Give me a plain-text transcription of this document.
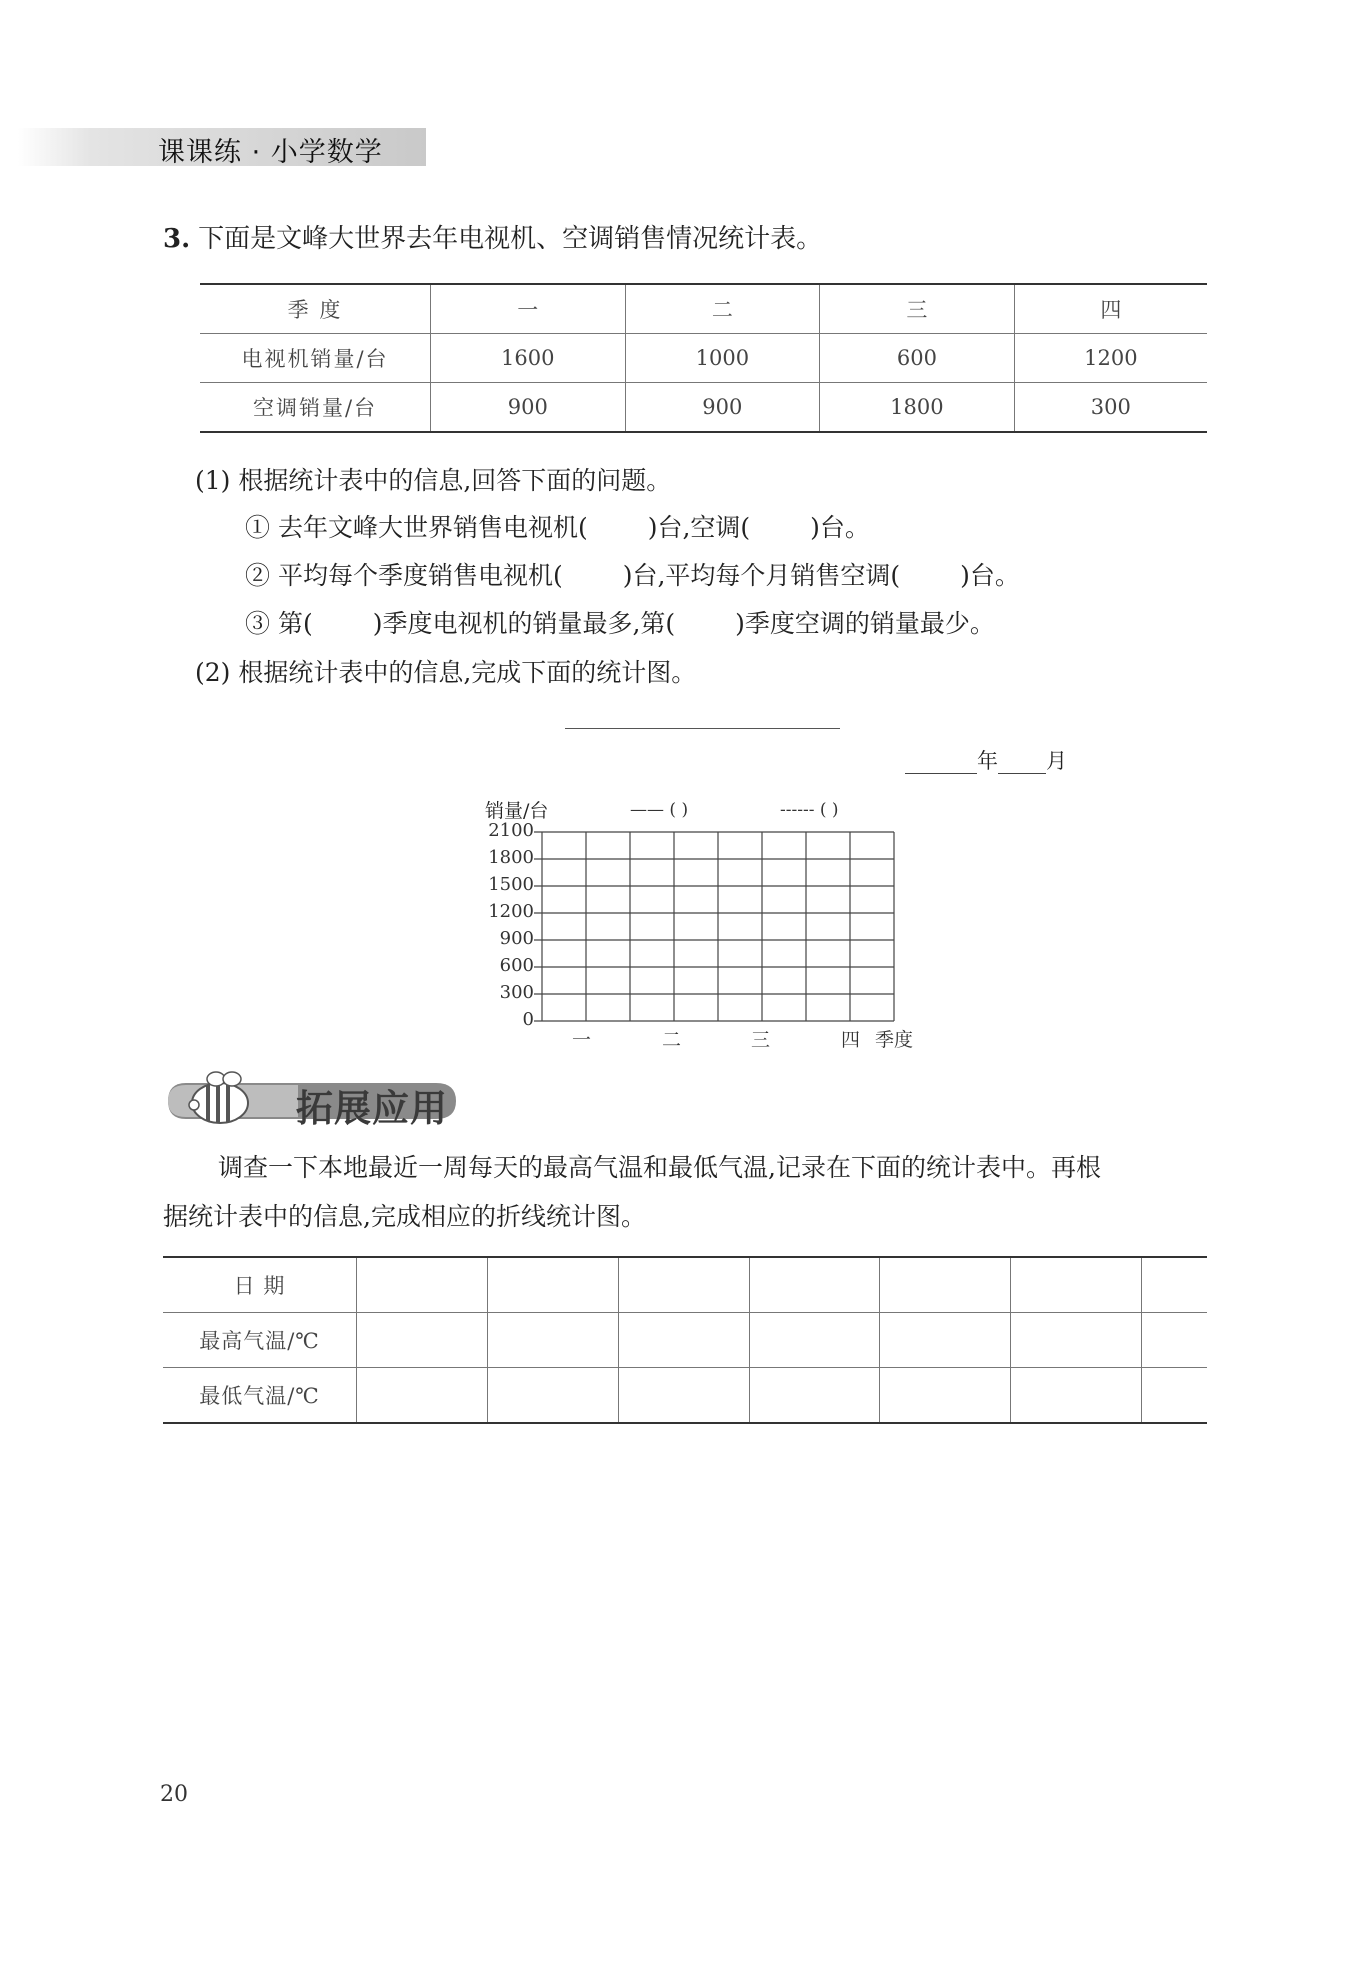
课课练 · 小学数学
3. 下面是文峰大世界去年电视机、空调销售情况统计表。
季 度	一	二	三	四
电视机销量/台	1600	1000	600	1200
空调销量/台	900	900	1800	300
(1) 根据统计表中的信息,回答下面的问题。
① 去年文峰大世界销售电视机( )台,空调( )台。
② 平均每个季度销售电视机( )台,平均每个月销售空调( )台。
③ 第( )季度电视机的销量最多,第( )季度空调的销量最少。
(2) 根据统计表中的信息,完成下面的统计图。
年 月
销量/台	—— ( )	------ ( )
2100
1800
1500
1200
900
600
300
0
一	二	三	四 季度
拓展应用
调查一下本地最近一周每天的最高气温和最低气温,记录在下面的统计表中。再根
据统计表中的信息,完成相应的折线统计图。
日 期							
最高气温/℃							
最低气温/℃							
20
